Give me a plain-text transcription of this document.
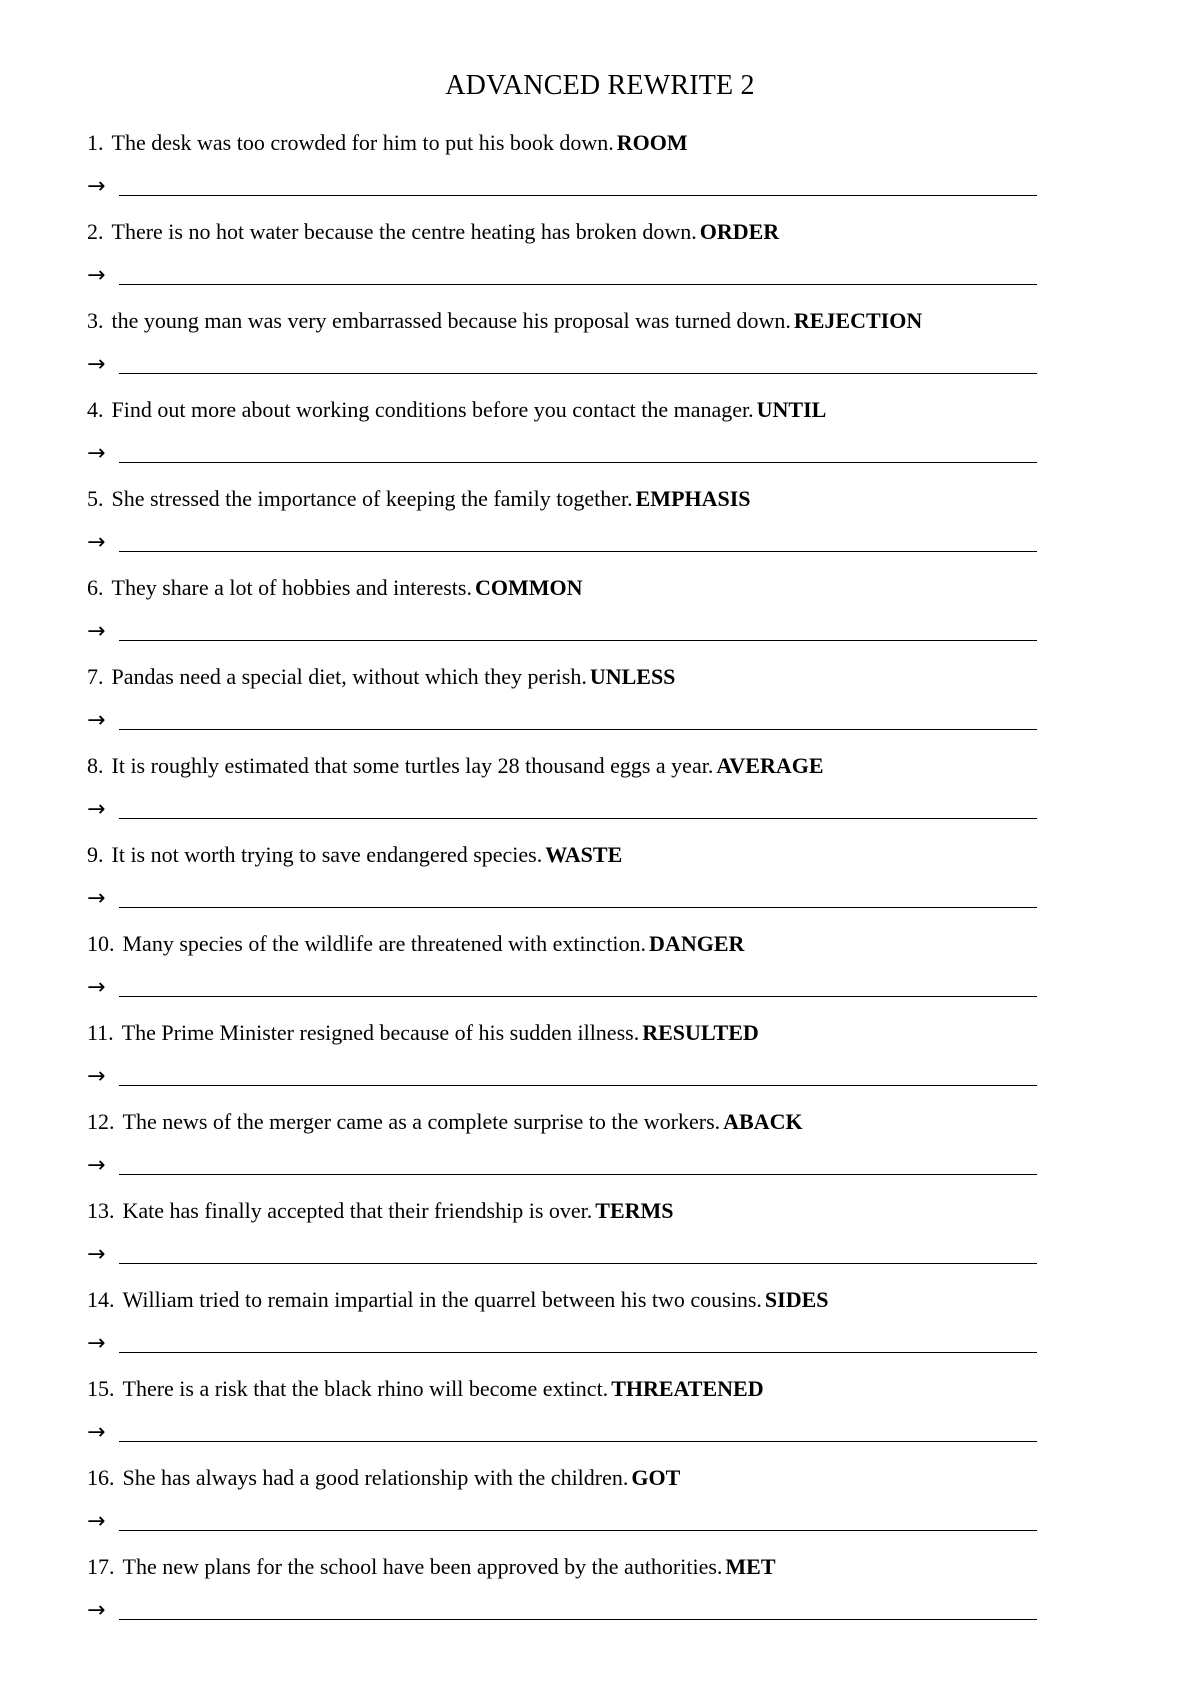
ADVANCED REWRITE 2
1. The desk was too crowded for him to put his book down. ROOM
→
2. There is no hot water because the centre heating has broken down. ORDER
→
3. the young man was very embarrassed because his proposal was turned down. REJECTION
→
4. Find out more about working conditions before you contact the manager. UNTIL
→
5. She stressed the importance of keeping the family together. EMPHASIS
→
6. They share a lot of hobbies and interests. COMMON
→
7. Pandas need a special diet, without which they perish. UNLESS
→
8. It is roughly estimated that some turtles lay 28 thousand eggs a year. AVERAGE
→
9. It is not worth trying to save endangered species. WASTE
→
10. Many species of the wildlife are threatened with extinction. DANGER
→
11. The Prime Minister resigned because of his sudden illness. RESULTED
→
12. The news of the merger came as a complete surprise to the workers. ABACK
→
13. Kate has finally accepted that their friendship is over. TERMS
→
14. William tried to remain impartial in the quarrel between his two cousins. SIDES
→
15. There is a risk that the black rhino will become extinct. THREATENED
→
16. She has always had a good relationship with the children. GOT
→
17. The new plans for the school have been approved by the authorities. MET
→
